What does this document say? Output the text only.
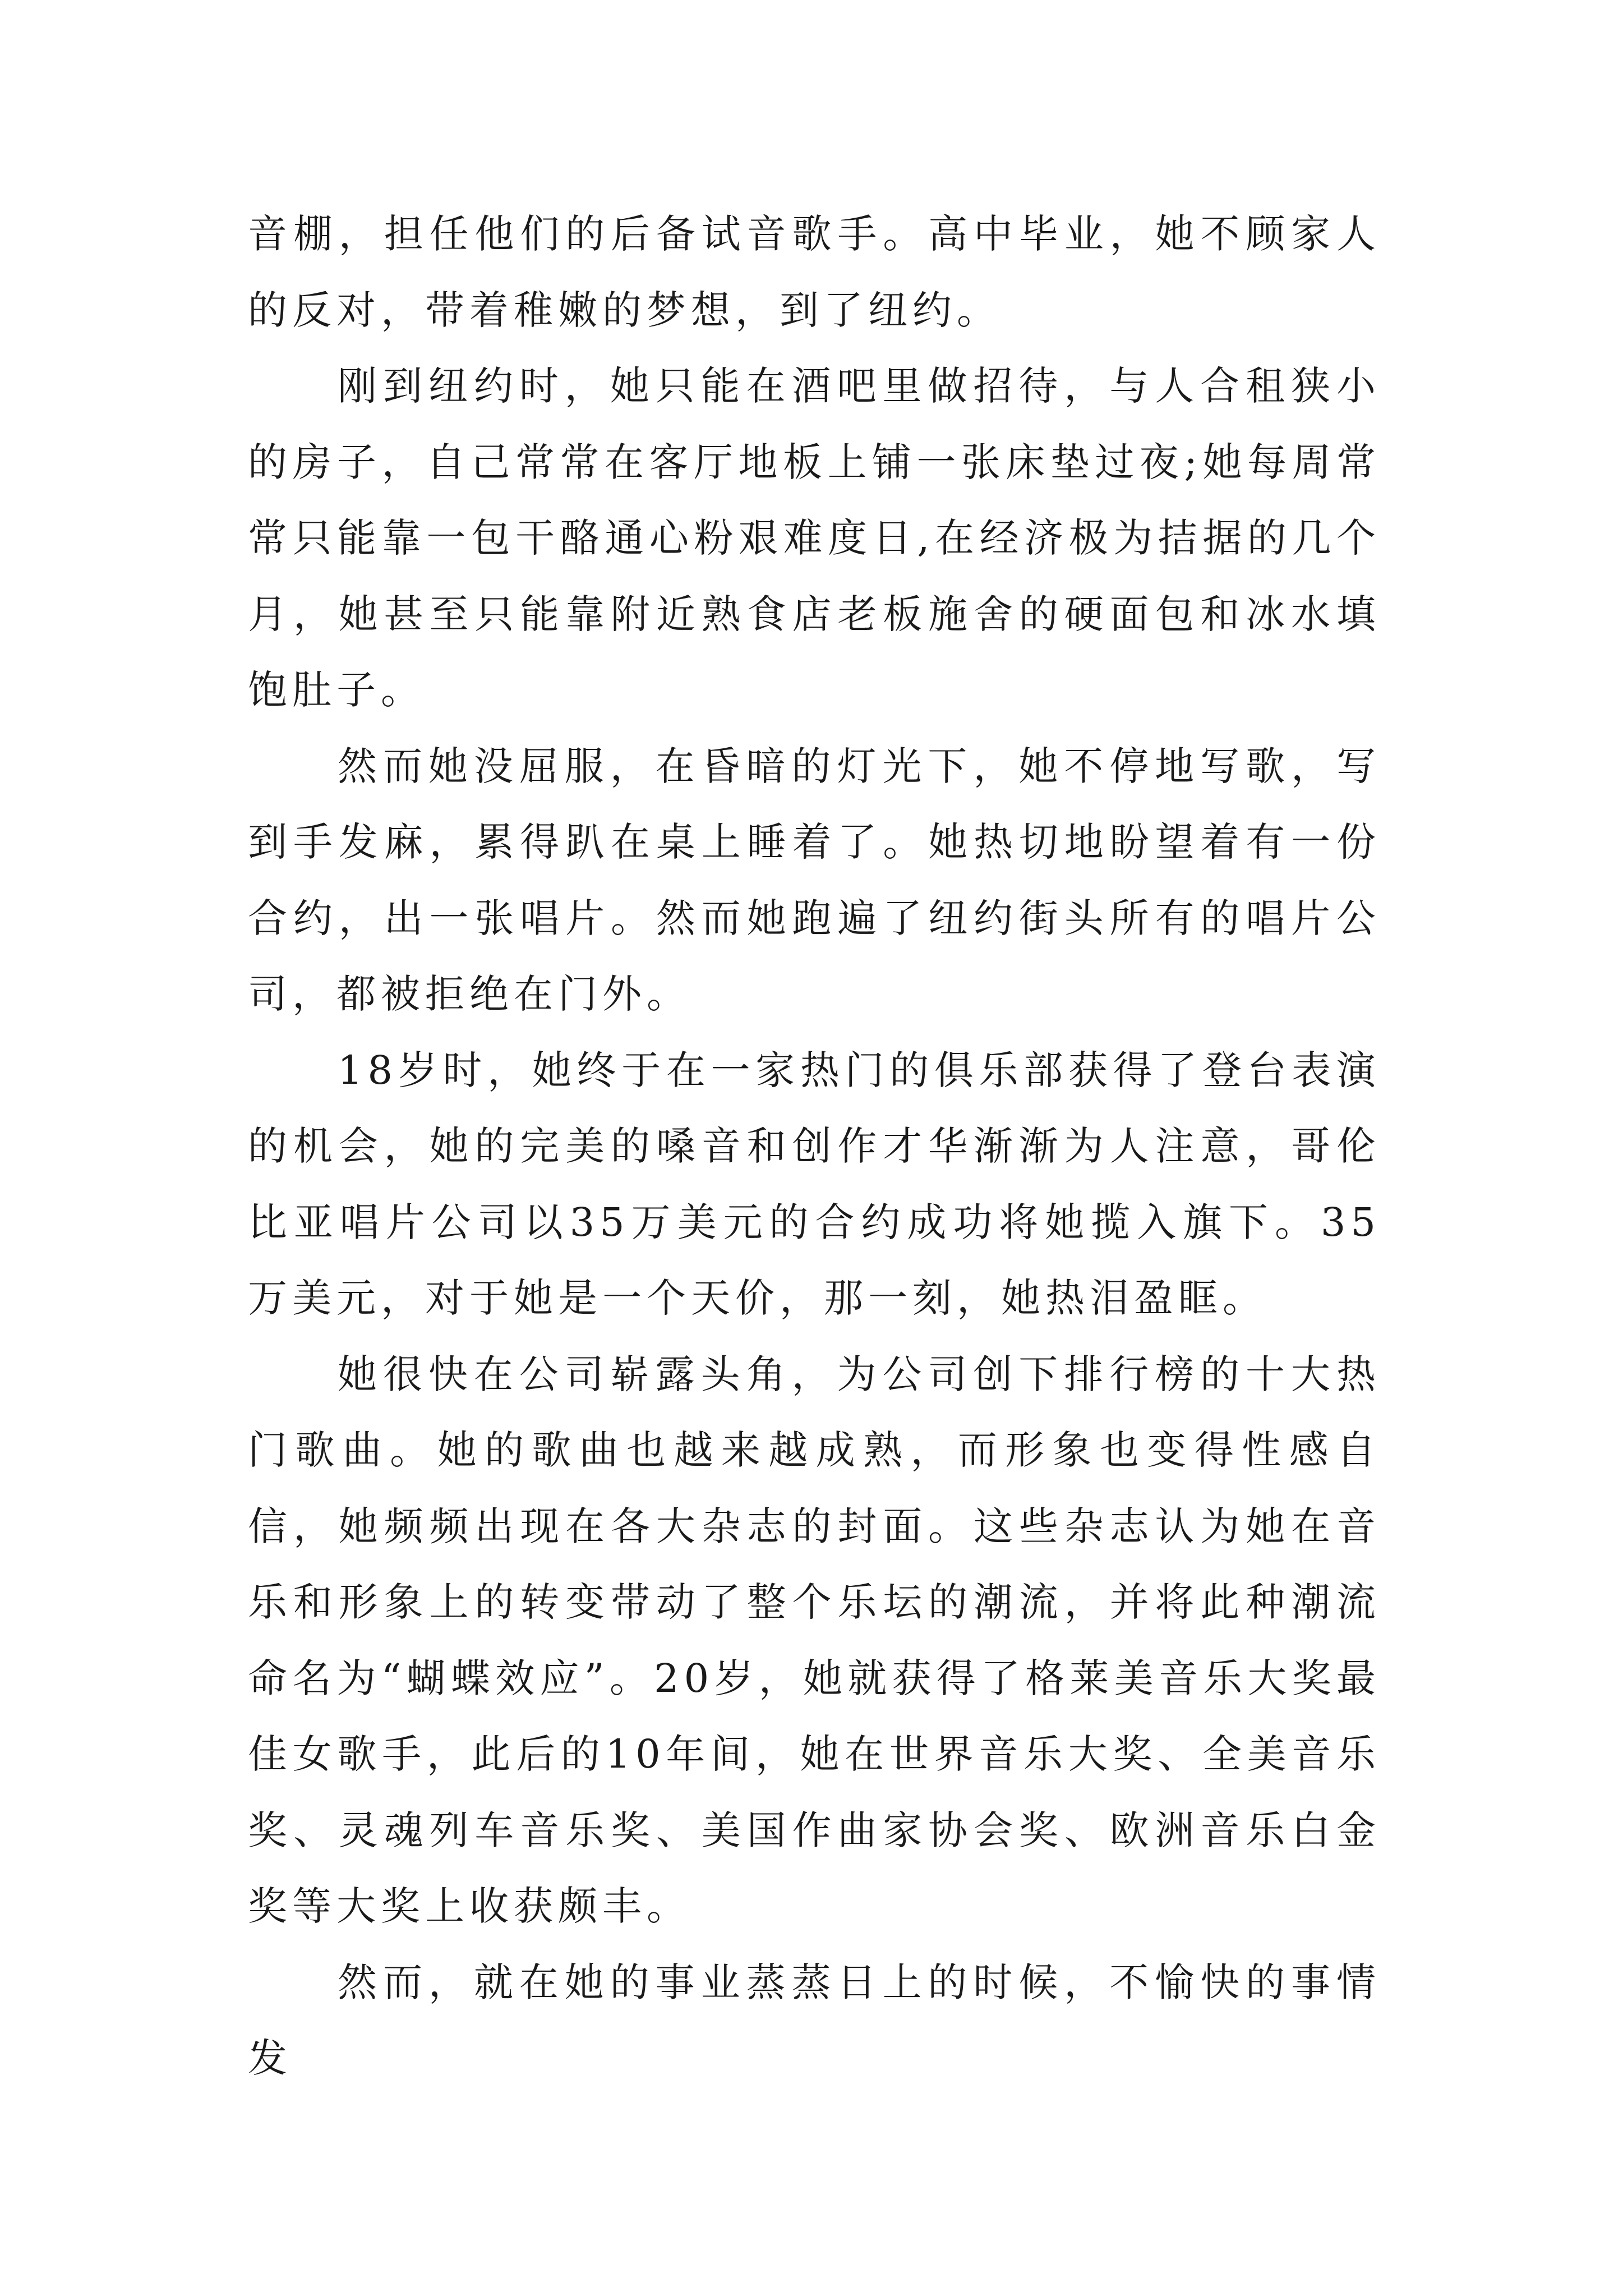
音棚，担任他们的后备试音歌手。高中毕业，她不顾家人的反对，带着稚嫩的梦想，到了纽约。

刚到纽约时，她只能在酒吧里做招待，与人合租狭小的房子，自己常常在客厅地板上铺一张床垫过夜;她每周常常只能靠一包干酪通心粉艰难度日,在经济极为拮据的几个月，她甚至只能靠附近熟食店老板施舍的硬面包和冰水填饱肚子。

然而她没屈服，在昏暗的灯光下，她不停地写歌，写到手发麻，累得趴在桌上睡着了。她热切地盼望着有一份合约，出一张唱片。然而她跑遍了纽约街头所有的唱片公司，都被拒绝在门外。

18岁时，她终于在一家热门的俱乐部获得了登台表演的机会，她的完美的嗓音和创作才华渐渐为人注意，哥伦比亚唱片公司以35万美元的合约成功将她揽入旗下。35万美元，对于她是一个天价，那一刻，她热泪盈眶。

她很快在公司崭露头角，为公司创下排行榜的十大热门歌曲。她的歌曲也越来越成熟，而形象也变得性感自信，她频频出现在各大杂志的封面。这些杂志认为她在音乐和形象上的转变带动了整个乐坛的潮流，并将此种潮流命名为“蝴蝶效应”。20岁，她就获得了格莱美音乐大奖最佳女歌手，此后的10年间，她在世界音乐大奖、全美音乐奖、灵魂列车音乐奖、美国作曲家协会奖、欧洲音乐白金奖等大奖上收获颇丰。

然而，就在她的事业蒸蒸日上的时候，不愉快的事情发
